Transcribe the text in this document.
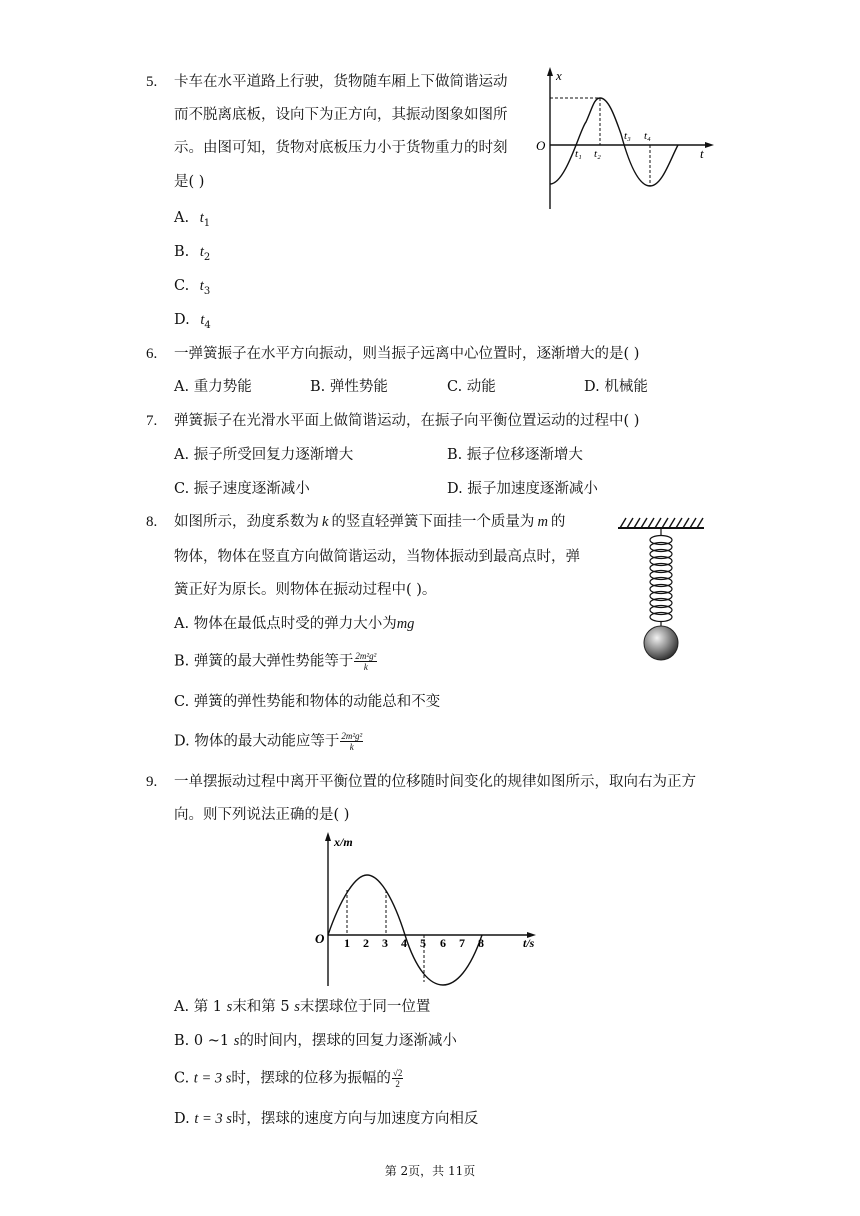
5. 卡车在水平道路上行驶，货物随车厢上下做简谐运动
而不脱离底板，设向下为正方向，其振动图象如图所
示。由图可知，货物对底板压力小于货物重力的时刻
是( )
A. $t_1$
B. $t_2$
C. $t_3$
D. $t_4$
x
O
t
t₁ t₂
t₃ t₄
6. 一弹簧振子在水平方向振动，则当振子远离中心位置时，逐渐增大的是( )
A. 重力势能	B. 弹性势能	C. 动能	D. 机械能
7. 弹簧振子在光滑水平面上做简谐运动，在振子向平衡位置运动的过程中( )
A. 振子所受回复力逐渐增大	B. 振子位移逐渐增大
C. 振子速度逐渐减小	D. 振子加速度逐渐减小
8. 如图所示，劲度系数为 k 的竖直轻弹簧下面挂一个质量为 m 的
物体，物体在竖直方向做简谐运动，当物体振动到最高点时，弹
簧正好为原长。则物体在振动过程中( )。
A. 物体在最低点时受的弹力大小为mg
B. 弹簧的最大弹性势能等于 $\frac{\text{2m²g²}}{k}$
C. 弹簧的弹性势能和物体的动能总和不变
D. 物体的最大动能应等于 $\frac{\text{2m²g²}}{k}$
9. 一单摆振动过程中离开平衡位置的位移随时间变化的规律如图所示，取向右为正方
向。则下列说法正确的是( )
x/m
O	t/s
1 2 3 4 5 6 7 8
A. 第 1 s末和第 5 s末摆球位于同一位置
B. 0 ~1 s的时间内，摆球的回复力逐渐减小
C. t = 3 s时，摆球的位移为振幅的 $\frac{√2}{2}$
D. t = 3 s时，摆球的速度方向与加速度方向相反
第 2页，共 11页
